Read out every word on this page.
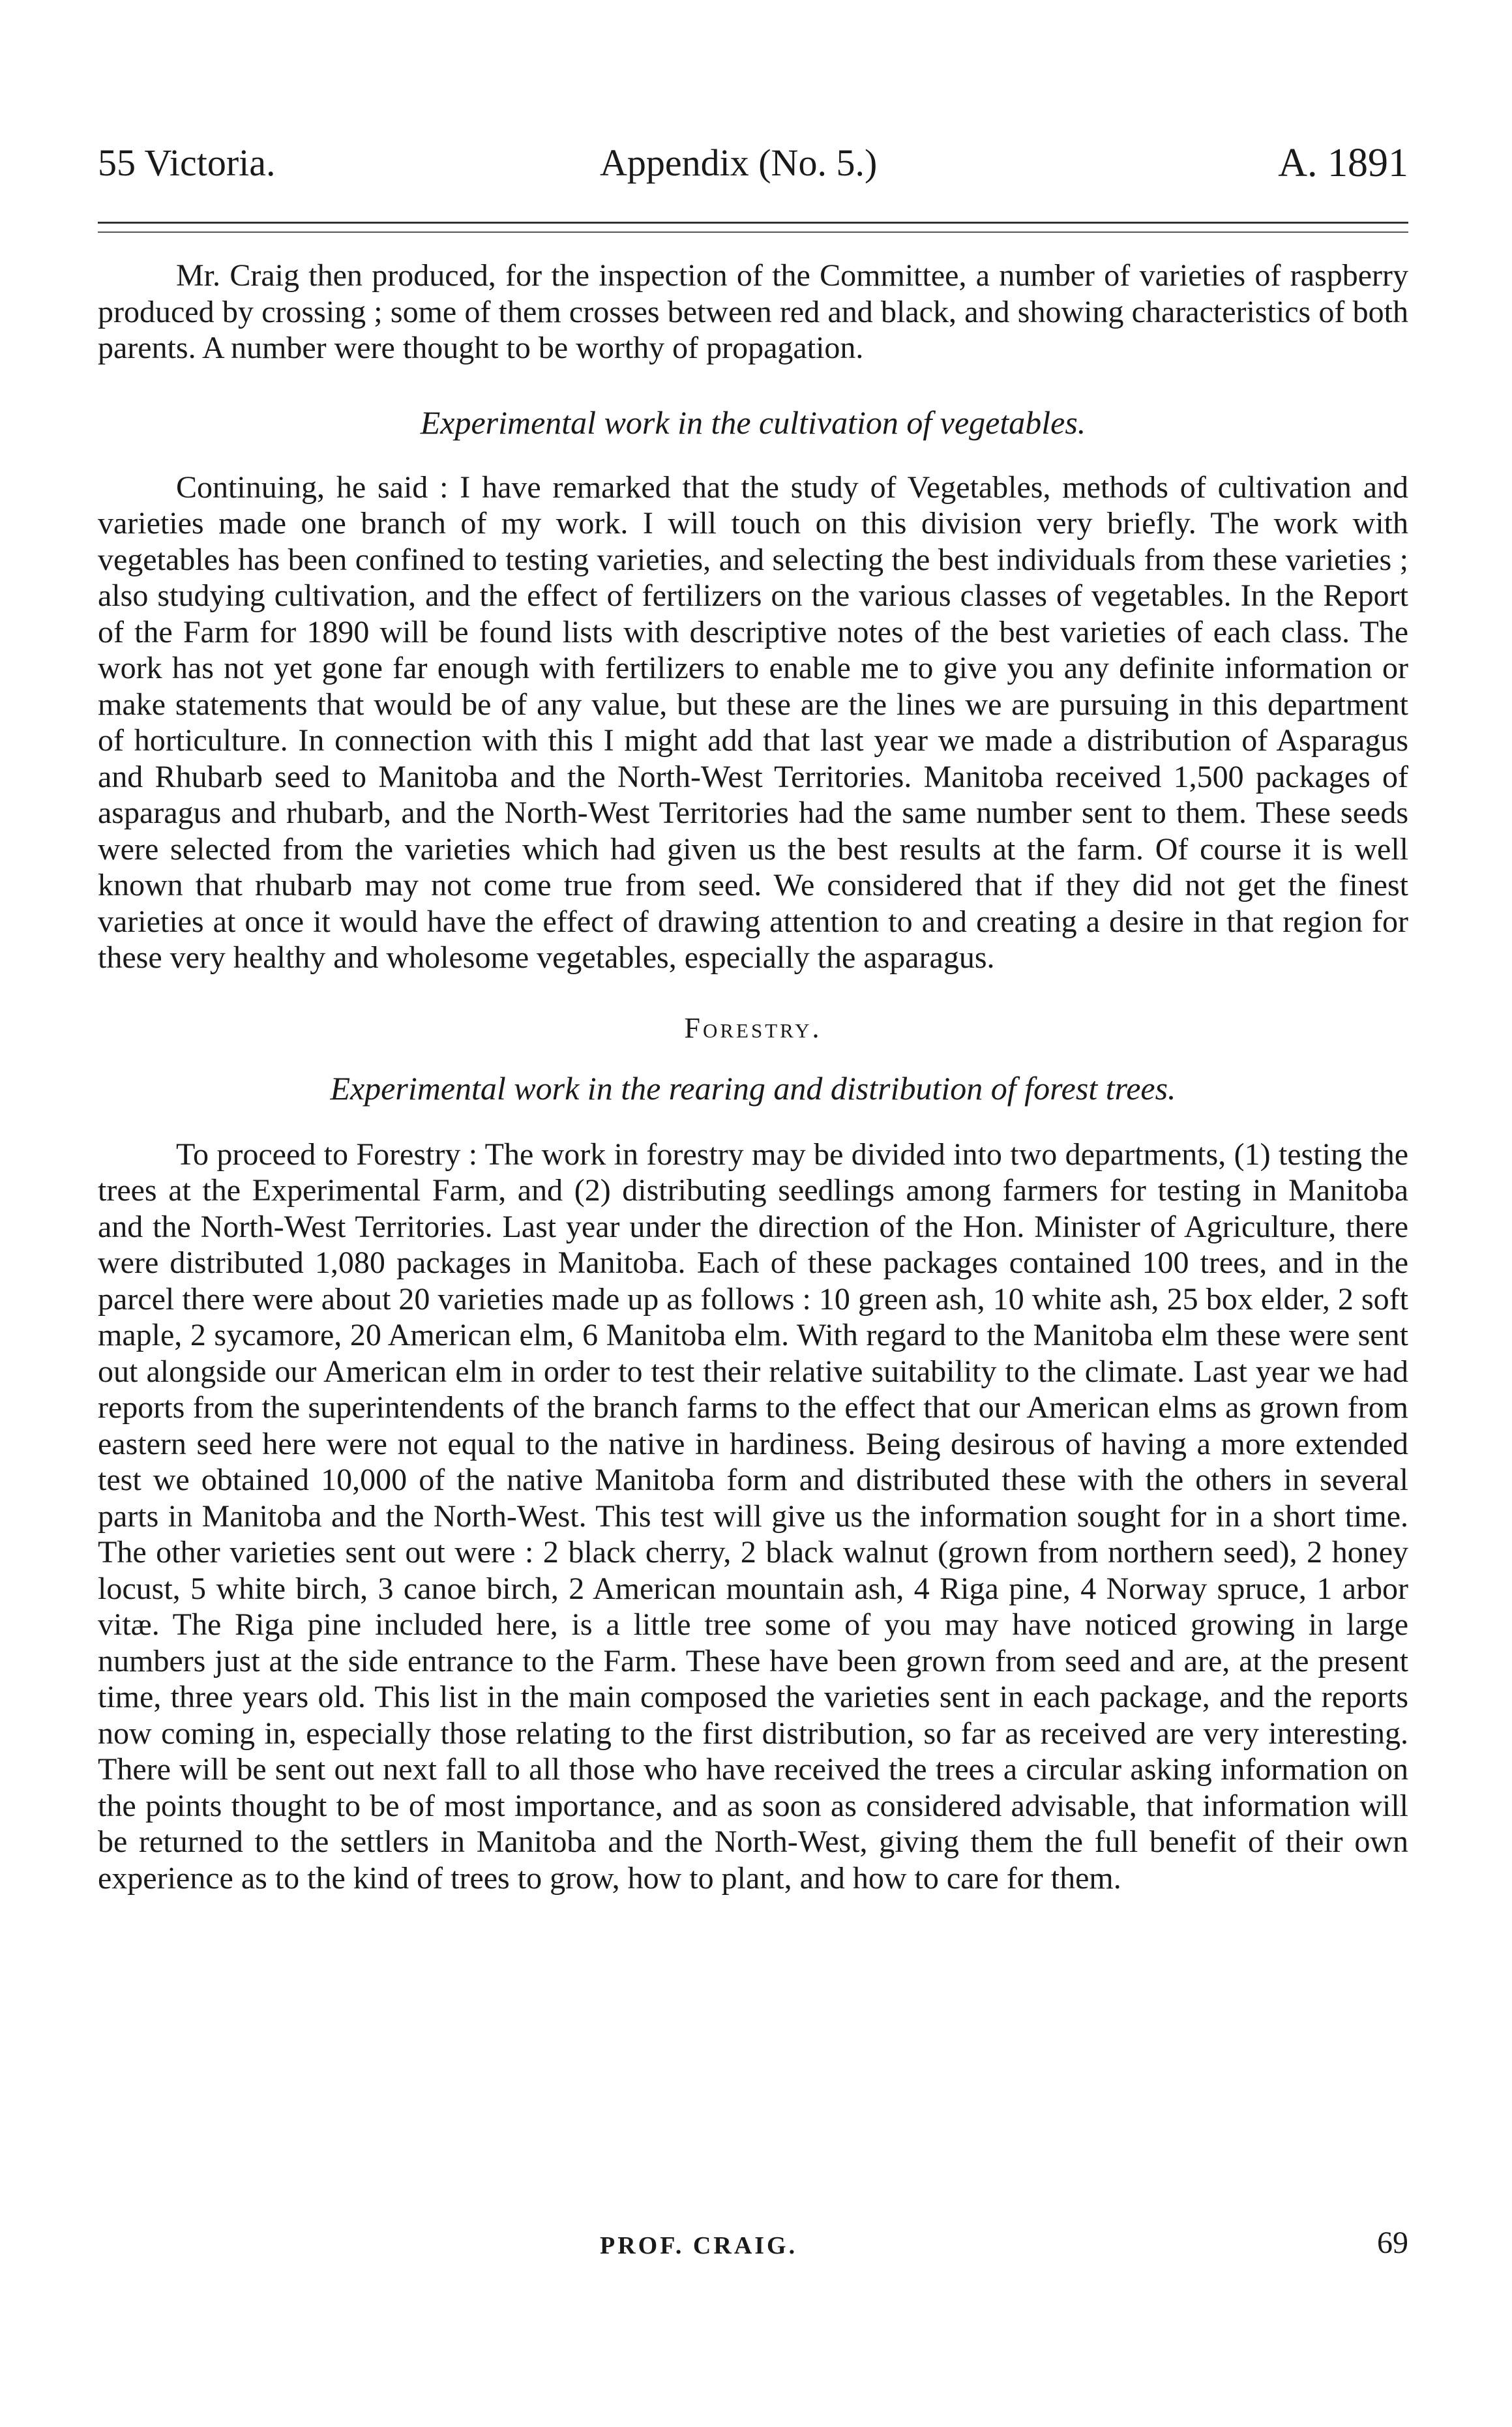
55 Victoria.	Appendix (No. 5.)	A. 1891

Mr. Craig then produced, for the inspection of the Committee, a number of varieties of raspberry produced by crossing ; some of them crosses between red and black, and showing characteristics of both parents. A number were thought to be worthy of propagation.

Experimental work in the cultivation of vegetables.

Continuing, he said : I have remarked that the study of Vegetables, methods of cultivation and varieties made one branch of my work. I will touch on this division very briefly. The work with vegetables has been confined to testing varieties, and selecting the best individuals from these varieties ; also studying cultivation, and the effect of fertilizers on the various classes of vegetables. In the Report of the Farm for 1890 will be found lists with descriptive notes of the best varieties of each class. The work has not yet gone far enough with fertilizers to enable me to give you any definite information or make statements that would be of any value, but these are the lines we are pursuing in this department of horticulture. In connection with this I might add that last year we made a distribution of Asparagus and Rhubarb seed to Manitoba and the North-West Territories. Manitoba received 1,500 packages of asparagus and rhubarb, and the North-West Territories had the same number sent to them. These seeds were selected from the varieties which had given us the best results at the farm. Of course it is well known that rhubarb may not come true from seed. We considered that if they did not get the finest varieties at once it would have the effect of drawing attention to and creating a desire in that region for these very healthy and wholesome vegetables, especially the asparagus.

Forestry.
Experimental work in the rearing and distribution of forest trees.

To proceed to Forestry : The work in forestry may be divided into two departments, (1) testing the trees at the Experimental Farm, and (2) distributing seedlings among farmers for testing in Manitoba and the North-West Territories. Last year under the direction of the Hon. Minister of Agriculture, there were distributed 1,080 packages in Manitoba. Each of these packages contained 100 trees, and in the parcel there were about 20 varieties made up as follows : 10 green ash, 10 white ash, 25 box elder, 2 soft maple, 2 sycamore, 20 American elm, 6 Manitoba elm. With regard to the Manitoba elm these were sent out alongside our American elm in order to test their relative suitability to the climate. Last year we had reports from the superintendents of the branch farms to the effect that our American elms as grown from eastern seed here were not equal to the native in hardiness. Being desirous of having a more extended test we obtained 10,000 of the native Manitoba form and distributed these with the others in several parts in Manitoba and the North-West. This test will give us the information sought for in a short time. The other varieties sent out were : 2 black cherry, 2 black walnut (grown from northern seed), 2 honey locust, 5 white birch, 3 canoe birch, 2 American mountain ash, 4 Riga pine, 4 Norway spruce, 1 arbor vitæ. The Riga pine included here, is a little tree some of you may have noticed growing in large numbers just at the side entrance to the Farm. These have been grown from seed and are, at the present time, three years old. This list in the main composed the varieties sent in each package, and the reports now coming in, especially those relating to the first distribution, so far as received are very interesting. There will be sent out next fall to all those who have received the trees a circular asking information on the points thought to be of most importance, and as soon as considered advisable, that information will be returned to the settlers in Manitoba and the North-West, giving them the full benefit of their own experience as to the kind of trees to grow, how to plant, and how to care for them.

PROF. CRAIG.	69
